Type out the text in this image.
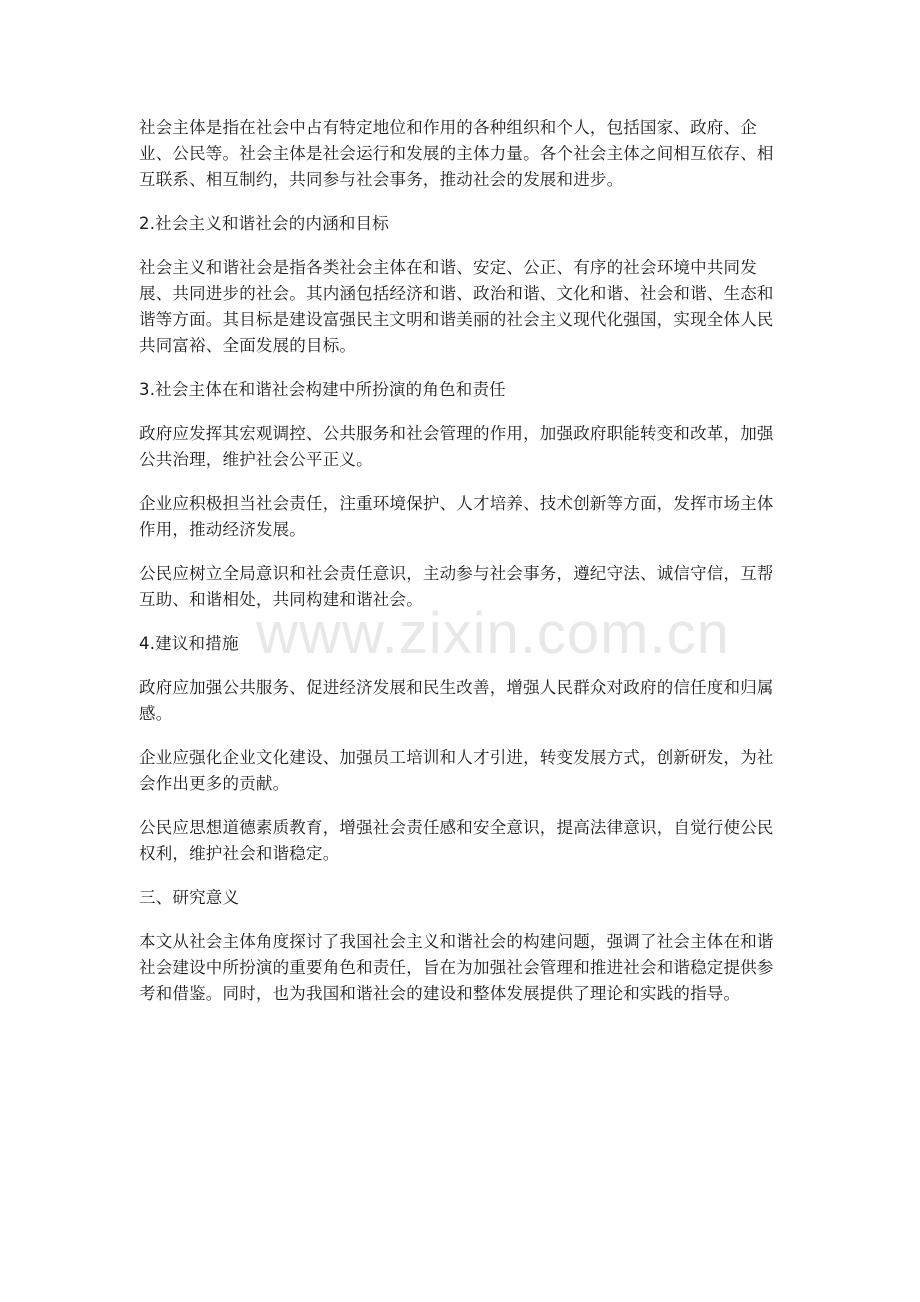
社会主体是指在社会中占有特定地位和作用的各种组织和个人，包括国家、政府、企业、公民等。社会主体是社会运行和发展的主体力量。各个社会主体之间相互依存、相互联系、相互制约，共同参与社会事务，推动社会的发展和进步。

2.社会主义和谐社会的内涵和目标

社会主义和谐社会是指各类社会主体在和谐、安定、公正、有序的社会环境中共同发展、共同进步的社会。其内涵包括经济和谐、政治和谐、文化和谐、社会和谐、生态和谐等方面。其目标是建设富强民主文明和谐美丽的社会主义现代化强国，实现全体人民共同富裕、全面发展的目标。

3.社会主体在和谐社会构建中所扮演的角色和责任

政府应发挥其宏观调控、公共服务和社会管理的作用，加强政府职能转变和改革，加强公共治理，维护社会公平正义。

企业应积极担当社会责任，注重环境保护、人才培养、技术创新等方面，发挥市场主体作用，推动经济发展。

公民应树立全局意识和社会责任意识，主动参与社会事务，遵纪守法、诚信守信，互帮互助、和谐相处，共同构建和谐社会。

4.建议和措施

政府应加强公共服务、促进经济发展和民生改善，增强人民群众对政府的信任度和归属感。

企业应强化企业文化建设、加强员工培训和人才引进，转变发展方式，创新研发，为社会作出更多的贡献。

公民应思想道德素质教育，增强社会责任感和安全意识，提高法律意识，自觉行使公民权利，维护社会和谐稳定。

三、研究意义

本文从社会主体角度探讨了我国社会主义和谐社会的构建问题，强调了社会主体在和谐社会建设中所扮演的重要角色和责任，旨在为加强社会管理和推进社会和谐稳定提供参考和借鉴。同时，也为我国和谐社会的建设和整体发展提供了理论和实践的指导。

www.zixin.com.cn
